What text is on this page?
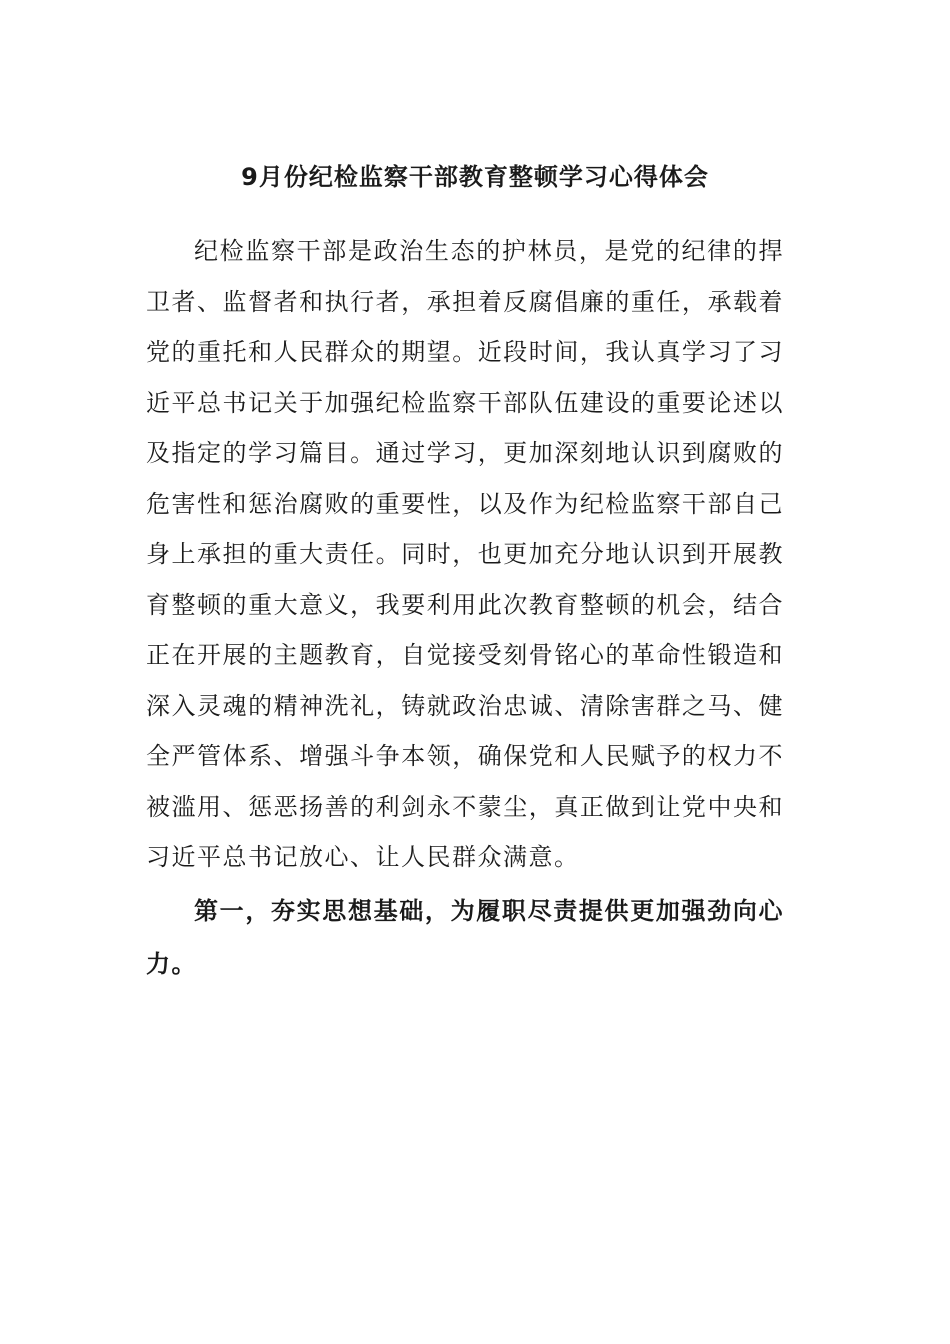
9月份纪检监察干部教育整顿学习心得体会

纪检监察干部是政治生态的护林员，是党的纪律的捍卫者、监督者和执行者，承担着反腐倡廉的重任，承载着党的重托和人民群众的期望。近段时间，我认真学习了习近平总书记关于加强纪检监察干部队伍建设的重要论述以及指定的学习篇目。通过学习，更加深刻地认识到腐败的危害性和惩治腐败的重要性，以及作为纪检监察干部自己身上承担的重大责任。同时，也更加充分地认识到开展教育整顿的重大意义，我要利用此次教育整顿的机会，结合正在开展的主题教育，自觉接受刻骨铭心的革命性锻造和深入灵魂的精神洗礼，铸就政治忠诚、清除害群之马、健全严管体系、增强斗争本领，确保党和人民赋予的权力不被滥用、惩恶扬善的利剑永不蒙尘，真正做到让党中央和习近平总书记放心、让人民群众满意。

第一，夯实思想基础，为履职尽责提供更加强劲向心力。
